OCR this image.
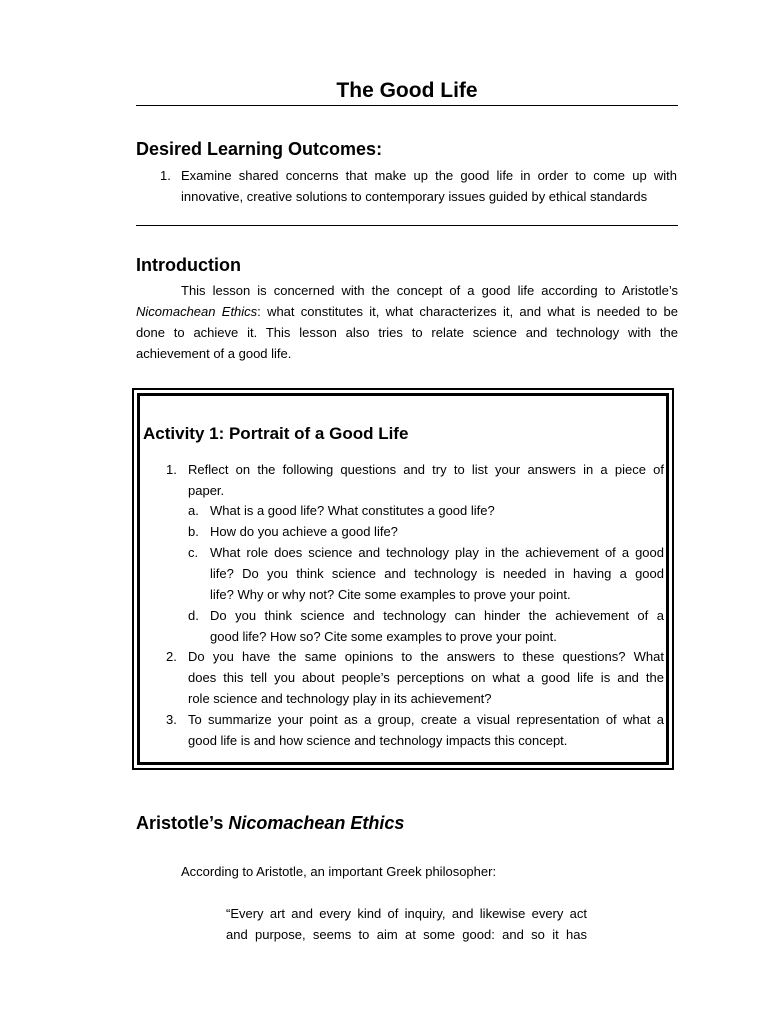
The Good Life
Desired Learning Outcomes:
1. Examine shared concerns that make up the good life in order to come up with
innovative, creative solutions to contemporary issues guided by ethical standards
Introduction
This lesson is concerned with the concept of a good life according to Aristotle’s
Nicomachean Ethics: what constitutes it, what characterizes it, and what is needed to be
done to achieve it. This lesson also tries to relate science and technology with the
achievement of a good life.
Activity 1: Portrait of a Good Life
1. Reflect on the following questions and try to list your answers in a piece of
paper.
a. What is a good life? What constitutes a good life?
b. How do you achieve a good life?
c. What role does science and technology play in the achievement of a good
life? Do you think science and technology is needed in having a good
life? Why or why not? Cite some examples to prove your point.
d. Do you think science and technology can hinder the achievement of a
good life? How so? Cite some examples to prove your point.
2. Do you have the same opinions to the answers to these questions? What
does this tell you about people’s perceptions on what a good life is and the
role science and technology play in its achievement?
3. To summarize your point as a group, create a visual representation of what a
good life is and how science and technology impacts this concept.
Aristotle’s Nicomachean Ethics
According to Aristotle, an important Greek philosopher:
“Every art and every kind of inquiry, and likewise every act
and purpose, seems to aim at some good: and so it has
